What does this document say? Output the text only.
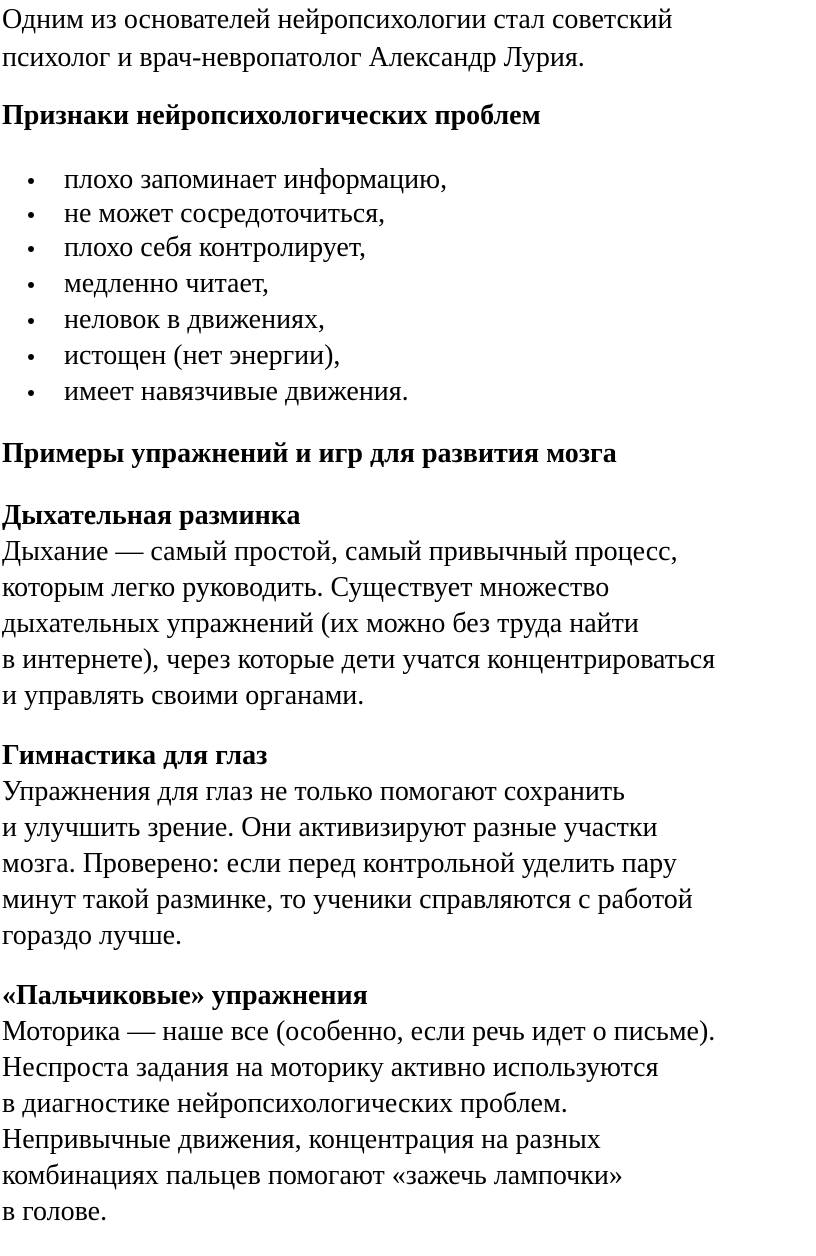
Одним из основателей нейропсихологии стал советский

психолог и врач-невропатолог Александр Лурия.

Признаки нейропсихологических проблем

плохо запоминает информацию,
не может сосредоточиться,
плохо себя контролирует,
медленно читает,
неловок в движениях,
истощен (нет энергии),
имеет навязчивые движения.

Примеры упражнений и игр для развития мозга

Дыхательная разминка

Дыхание — самый простой, самый привычный процесс,

которым легко руководить. Существует множество

дыхательных упражнений (их можно без труда найти

в интернете), через которые дети учатся концентрироваться

и управлять своими органами.

Гимнастика для глаз

Упражнения для глаз не только помогают сохранить

и улучшить зрение. Они активизируют разные участки

мозга. Проверено: если перед контрольной уделить пару

минут такой разминке, то ученики справляются с работой

гораздо лучше.

«Пальчиковые» упражнения

Моторика — наше все (особенно, если речь идет о письме).

Неспроста задания на моторику активно используются

в диагностике нейропсихологических проблем.

Непривычные движения, концентрация на разных

комбинациях пальцев помогают «зажечь лампочки»

в голове.
